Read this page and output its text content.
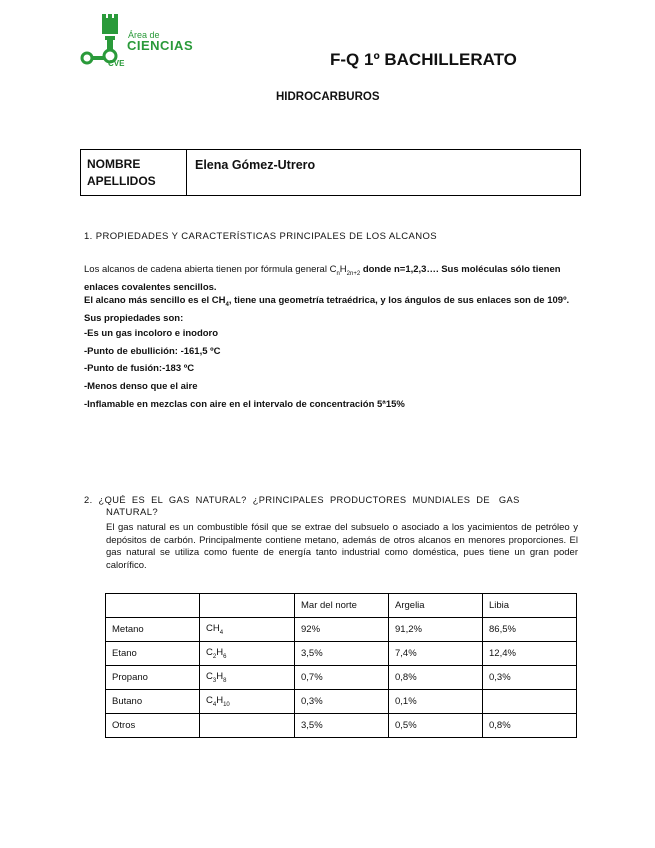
Área de
CIENCIAS
CVE	F-Q 1º BACHILLERATO
HIDROCARBUROS
NOMBRE
APELLIDOS
Elena Gómez-Utrero
1. PROPIEDADES Y CARACTERÍSTICAS PRINCIPALES DE LOS ALCANOS
Los alcanos de cadena abierta tienen por fórmula general $C_nH_{2n+2}$ donde n=1,2,3…. Sus moléculas sólo tienen enlaces covalentes sencillos.
El alcano más sencillo es el $CH_4$, tiene una geometría tetraédrica, y los ángulos de sus enlaces son de 109º. Sus propiedades son:
-Es un gas incoloro e inodoro
-Punto de ebullición: -161,5 ºC
-Punto de fusión:-183 ºC
-Menos denso que el aire
-Inflamable en mezclas con aire en el intervalo de concentración 5ª15%
2.  ¿QUÉ  ES  EL  GAS  NATURAL?  ¿PRINCIPALES  PRODUCTORES  MUNDIALES  DE   GAS
NATURAL?
El gas natural es un combustible fósil que se extrae del subsuelo o asociado a los yacimientos de petróleo y depósitos de carbón. Principalmente contiene metano, además de otros alcanos en menores proporciones. El gas natural se utiliza como fuente de energía tanto industrial como doméstica, pues tiene un gran poder calorífico.
		Mar del norte	Argelia	Libia
Metano	$CH_4$	92%	91,2%	86,5%
Etano	$C_2H_6$	3,5%	7,4%	12,4%
Propano	$C_3H_8$	0,7%	0,8%	0,3%
Butano	$C_4H_{10}$	0,3%	0,1%	
Otros		3,5%	0,5%	0,8%
